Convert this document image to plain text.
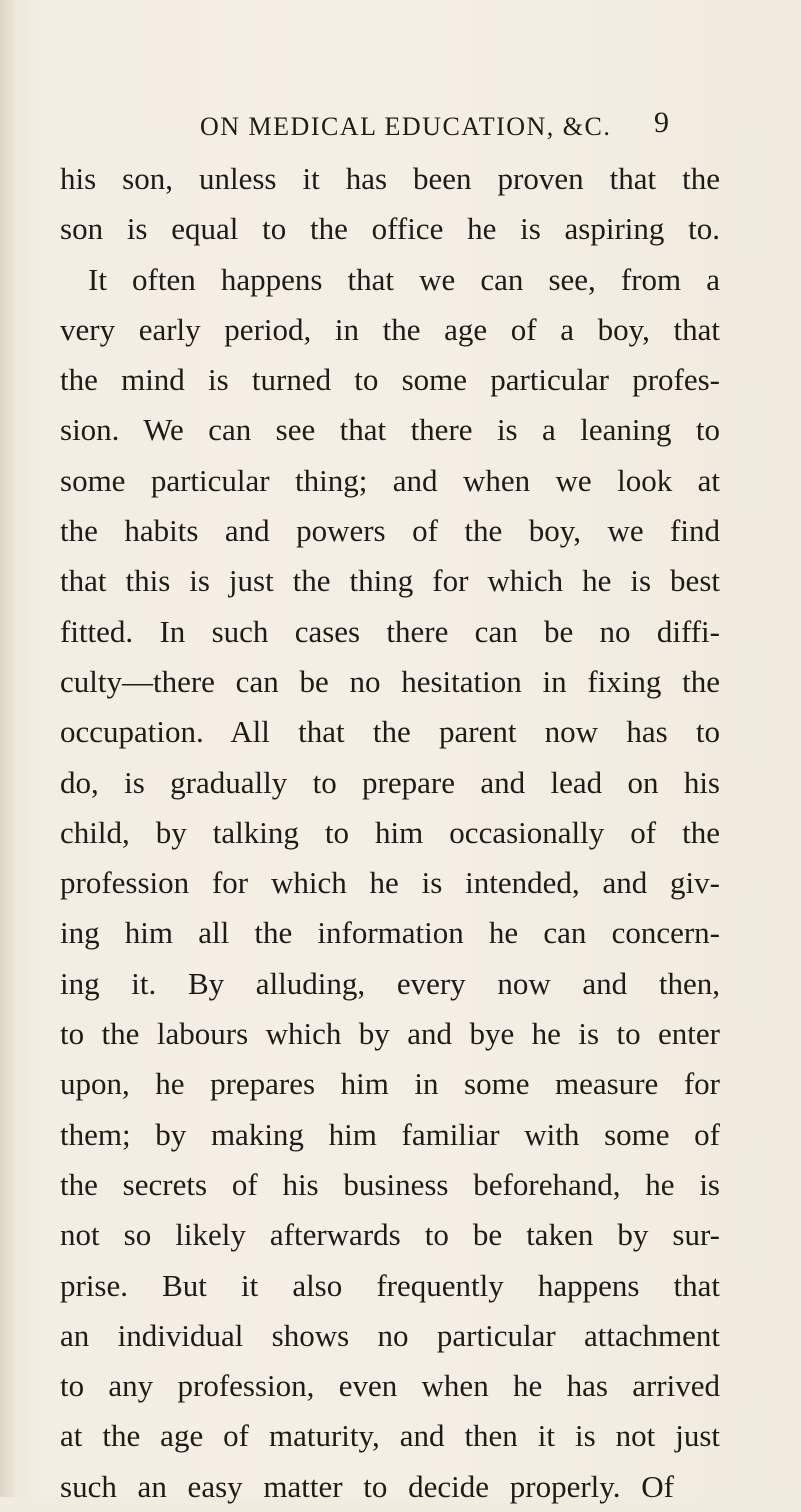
ON MEDICAL EDUCATION, &C. 9
his son, unless it has been proven that the
son is equal to the office he is aspiring to.
It often happens that we can see, from a
very early period, in the age of a boy, that
the mind is turned to some particular profes-
sion. We can see that there is a leaning to
some particular thing; and when we look at
the habits and powers of the boy, we find
that this is just the thing for which he is best
fitted. In such cases there can be no diffi-
culty—there can be no hesitation in fixing the
occupation. All that the parent now has to
do, is gradually to prepare and lead on his
child, by talking to him occasionally of the
profession for which he is intended, and giv-
ing him all the information he can concern-
ing it. By alluding, every now and then,
to the labours which by and bye he is to enter
upon, he prepares him in some measure for
them; by making him familiar with some of
the secrets of his business beforehand, he is
not so likely afterwards to be taken by sur-
prise. But it also frequently happens that
an individual shows no particular attachment
to any profession, even when he has arrived
at the age of maturity, and then it is not just
such an easy matter to decide properly. Of
